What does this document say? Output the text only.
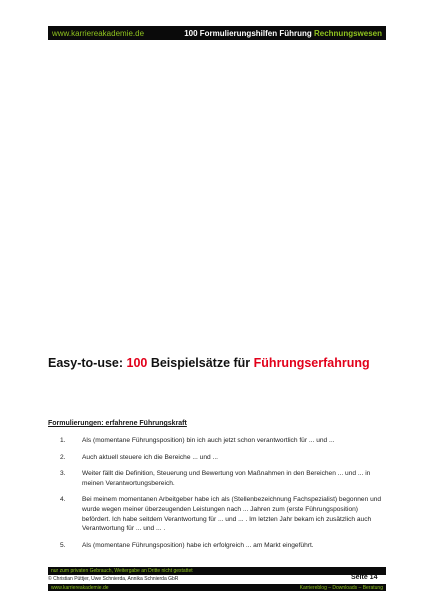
www.karriereakademie.de	100 Formulierungshilfen Führung Rechnungswesen
Easy-to-use: 100 Beispielsätze für Führungserfahrung
Formulierungen: erfahrene Führungskraft
1.	Als (momentane Führungsposition) bin ich auch jetzt schon verantwortlich für ... und ...
2.	Auch aktuell steuere ich die Bereiche ... und ...
3.	Weiter fällt die Definition, Steuerung und Bewertung von Maßnahmen in den Bereichen ... und ... in meinen Verantwortungsbereich.
4.	Bei meinem momentanen Arbeitgeber habe ich als (Stellenbezeichnung Fachspezialist) begonnen und wurde wegen meiner überzeugenden Leistungen nach ... Jahren zum (erste Führungsposition) befördert. Ich habe seitdem Verantwortung für ... und ... . Im letzten Jahr bekam ich zusätzlich auch Verantwortung für ... und ... .
5.	Als (momentane Führungsposition) habe ich erfolgreich ... am Markt eingeführt.
nur zum privaten Gebrauch, Weitergabe an Dritte nicht gestattet
© Christian Püttjer, Uwe Schnierda, Annika Schnierda GbR	Seite 14
www.karriereakademie.de	Karriereblog – Downloads – Beratung
